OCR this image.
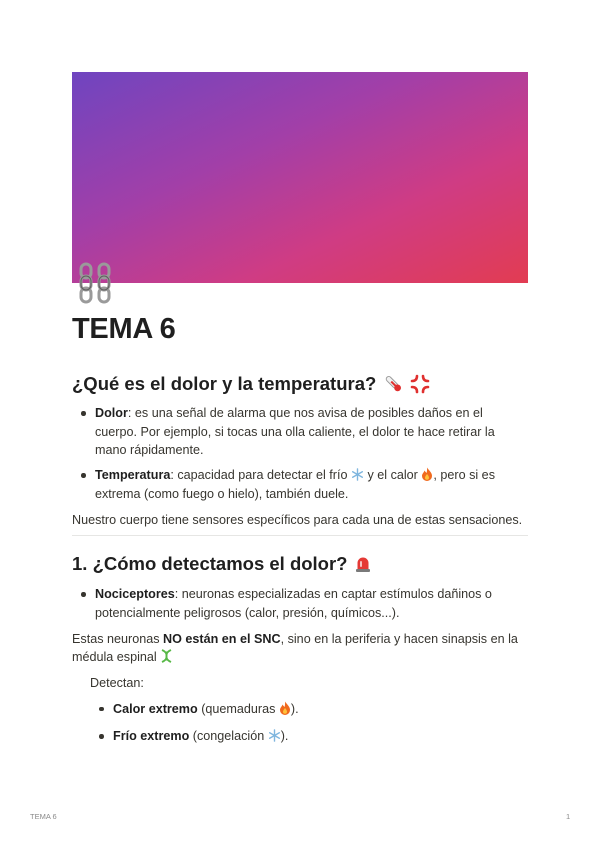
TEMA 6
¿Qué es el dolor y la temperatura?
Dolor: es una señal de alarma que nos avisa de posibles daños en el cuerpo. Por ejemplo, si tocas una olla caliente, el dolor te hace retirar la mano rápidamente.
Temperatura: capacidad para detectar el frío  y el calor , pero si es extrema (como fuego o hielo), también duele.

Nuestro cuerpo tiene sensores específicos para cada una de estas sensaciones.

1. ¿Cómo detectamos el dolor?
Nociceptores: neuronas especializadas en captar estímulos dañinos o potencialmente peligrosos (calor, presión, químicos...).

Estas neuronas NO están en el SNC, sino en la periferia y hacen sinapsis en la médula espinal

Detectan:

Calor extremo (quemaduras ).
Frío extremo (congelación ).
TEMA 6	1
